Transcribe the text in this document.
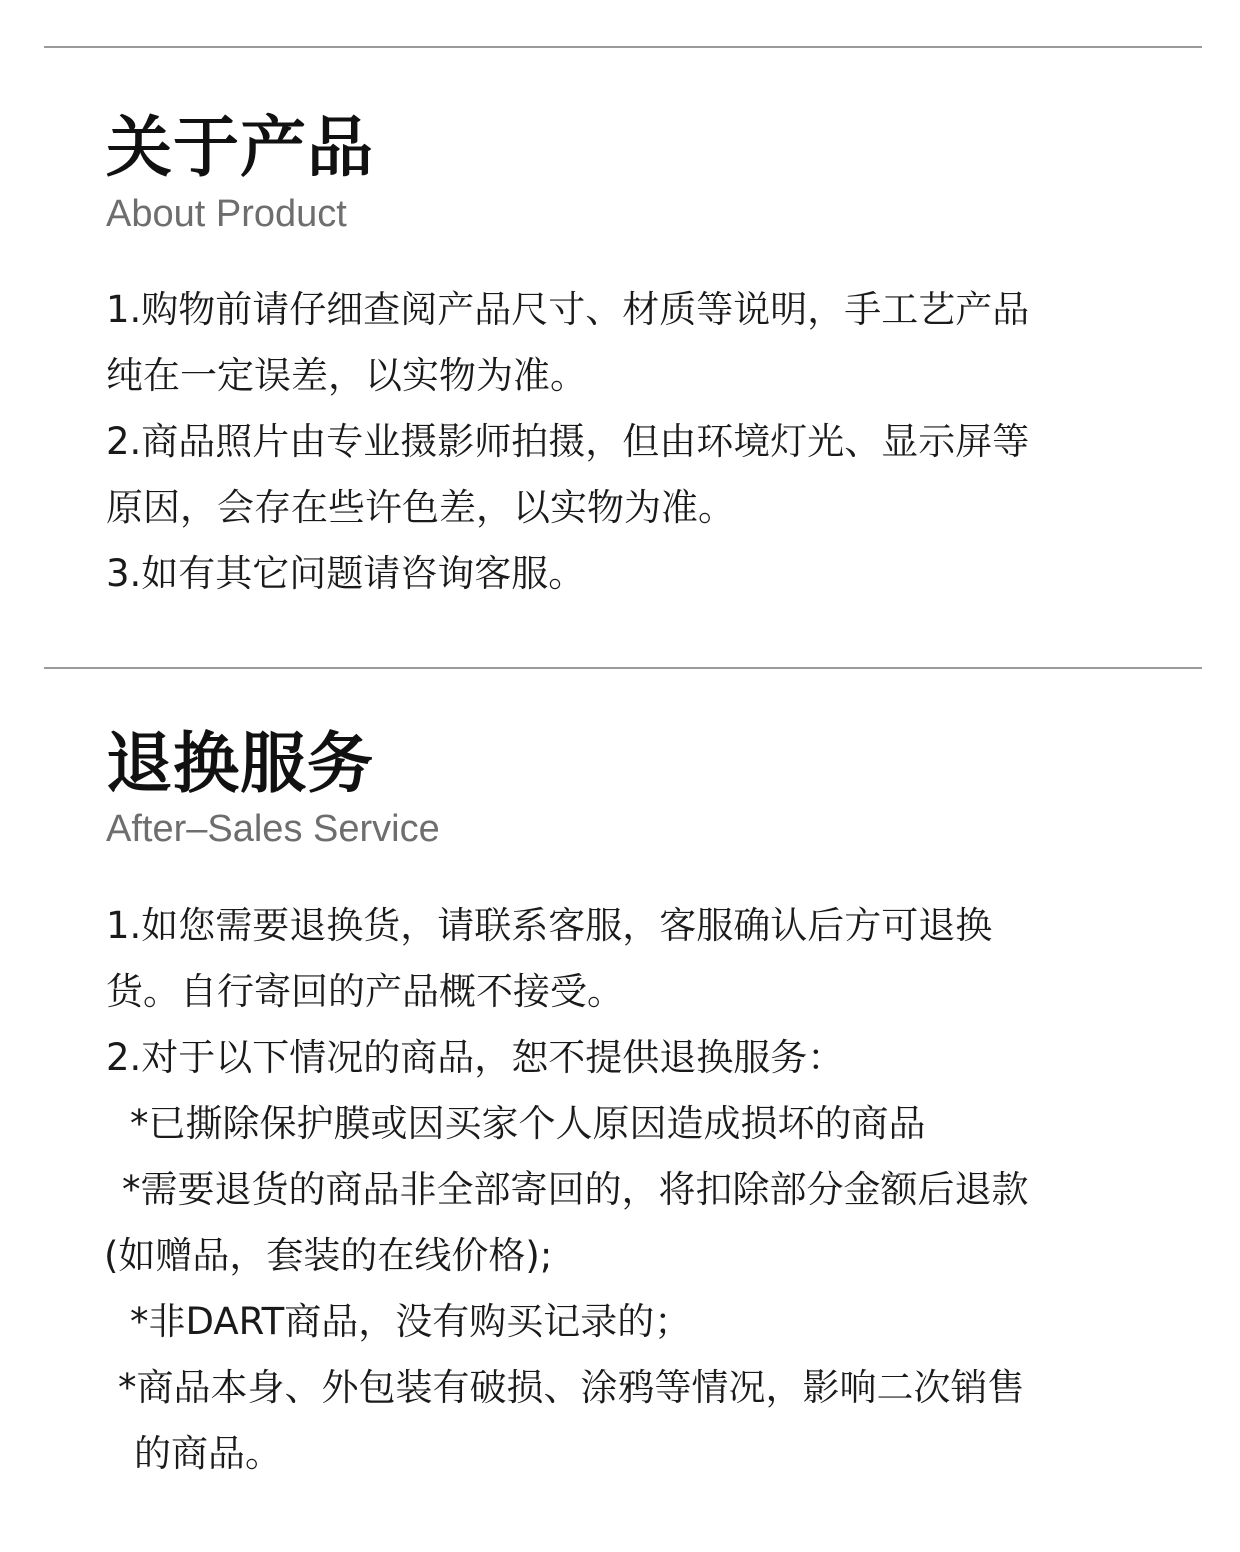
关于产品

About Product

1.购物前请仔细查阅产品尺寸、材质等说明，手工艺产品

纯在一定误差，以实物为准。

2.商品照片由专业摄影师拍摄，但由环境灯光、显示屏等

原因，会存在些许色差，以实物为准。

3.如有其它问题请咨询客服。

退换服务

After–Sales Service

1.如您需要退换货，请联系客服，客服确认后方可退换

货。自行寄回的产品概不接受。

2.对于以下情况的商品，恕不提供退换服务：

*已撕除保护膜或因买家个人原因造成损坏的商品

*需要退货的商品非全部寄回的，将扣除部分金额后退款

(如赠品，套装的在线价格);

*非DART商品，没有购买记录的；

*商品本身、外包装有破损、涂鸦等情况，影响二次销售

的商品。
